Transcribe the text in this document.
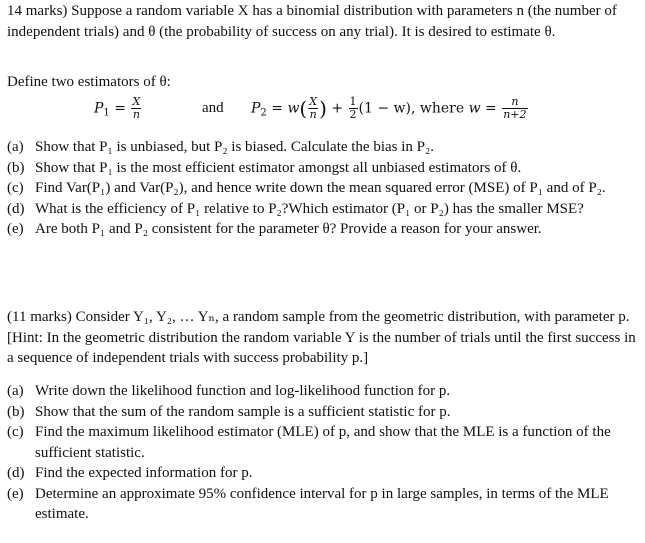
14 marks) Suppose a random variable X has a binomial distribution with parameters n (the number of independent trials) and θ (the probability of success on any trial). It is desired to estimate θ.

Define two estimators of θ:

$P_1 = \frac{X}{n}$	and $P_2 = w( \frac{X}{n}$ ) + $\frac{1}{2} (1 - w)$, where $w = \frac{n}{n+2}$
(a) Show that P₁ is unbiased, but P₂ is biased. Calculate the bias in P₂.
(b) Show that P₁ is the most efficient estimator amongst all unbiased estimators of θ.
(c) Find Var(P₁) and Var(P₂), and hence write down the mean squared error (MSE) of P₁ and of P₂.
(d) What is the efficiency of P₁ relative to P₂?Which estimator (P₁ or P₂) has the smaller MSE?
(e) Are both P₁ and P₂ consistent for the parameter θ? Provide a reason for your answer.

(11 marks) Consider Y₁, Y₂, … Yₙ, a random sample from the geometric distribution, with parameter p. [Hint: In the geometric distribution the random variable Y is the number of trials until the first success in a sequence of independent trials with success probability p.]

(a) Write down the likelihood function and log-likelihood function for p.
(b) Show that the sum of the random sample is a sufficient statistic for p.
(c) Find the maximum likelihood estimator (MLE) of p, and show that the MLE is a function of the sufficient statistic.
(d) Find the expected information for p.
(e) Determine an approximate 95% confidence interval for p in large samples, in terms of the MLE estimate.
